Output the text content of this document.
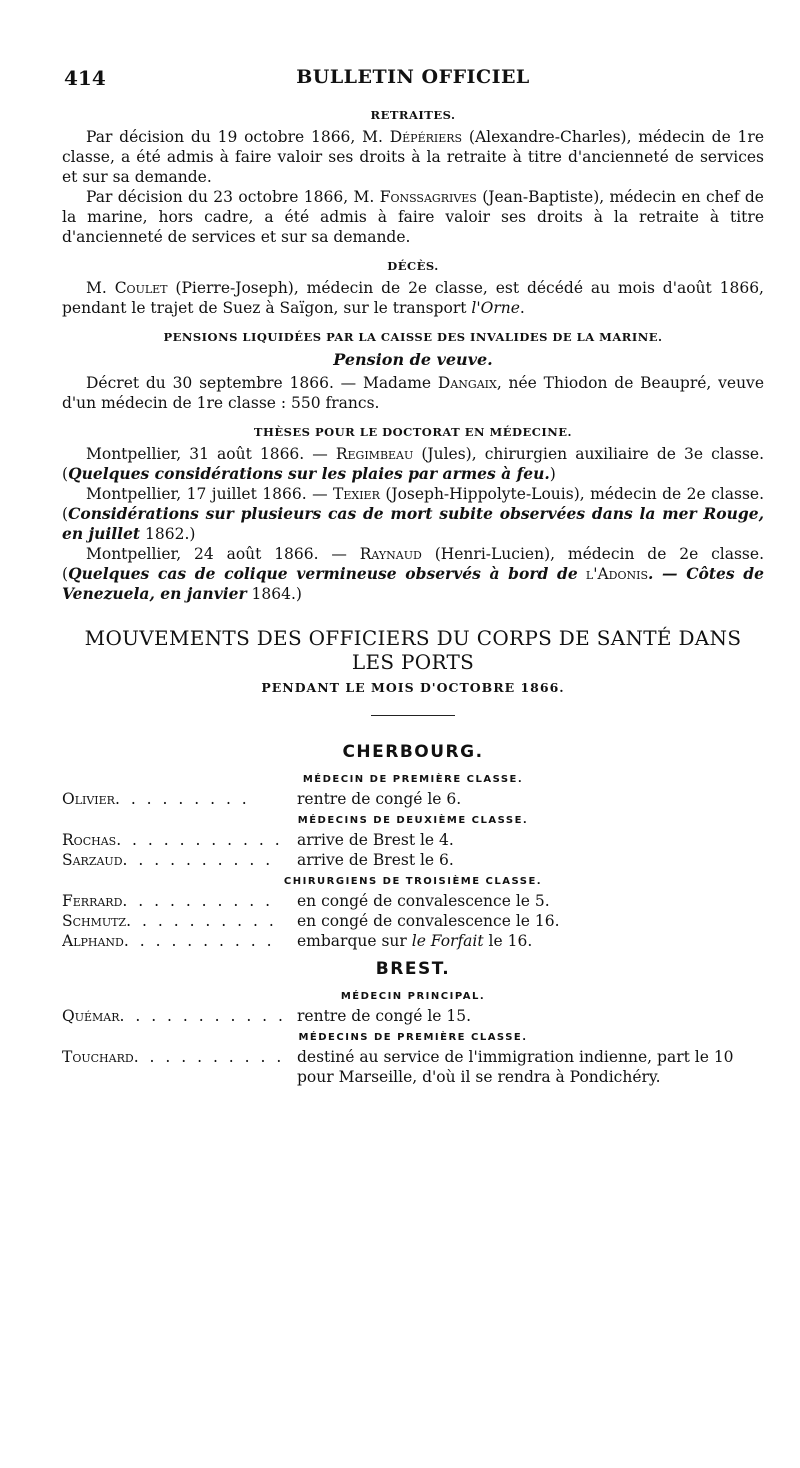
414	BULLETIN OFFICIEL
RETRAITES.

Par décision du 19 octobre 1866, M. Dépériers (Alexandre-Charles), médecin de 1re classe, a été admis à faire valoir ses droits à la retraite à titre d'ancienneté de services et sur sa demande.

Par décision du 23 octobre 1866, M. Fonssagrives (Jean-Baptiste), médecin en chef de la marine, hors cadre, a été admis à faire valoir ses droits à la retraite à titre d'ancienneté de services et sur sa demande.

DÉCÈS.

M. Coulet (Pierre-Joseph), médecin de 2e classe, est décédé au mois d'août 1866, pendant le trajet de Suez à Saïgon, sur le transport l'Orne.

PENSIONS LIQUIDÉES PAR LA CAISSE DES INVALIDES DE LA MARINE.
Pension de veuve.

Décret du 30 septembre 1866. — Madame Dangaix, née Thiodon de Beaupré, veuve d'un médecin de 1re classe : 550 francs.

THÈSES POUR LE DOCTORAT EN MÉDECINE.

Montpellier, 31 août 1866. — Regimbeau (Jules), chirurgien auxiliaire de 3e classe. (Quelques considérations sur les plaies par armes à feu.)

Montpellier, 17 juillet 1866. — Texier (Joseph-Hippolyte-Louis), médecin de 2e classe. (Considérations sur plusieurs cas de mort subite observées dans la mer Rouge, en juillet 1862.)

Montpellier, 24 août 1866. — Raynaud (Henri-Lucien), médecin de 2e classe. (Quelques cas de colique vermineuse observés à bord de l'Adonis. — Côtes de Venezuela, en janvier 1864.)

MOUVEMENTS DES OFFICIERS DU CORPS DE SANTÉ DANS LES PORTS
PENDANT LE MOIS D'OCTOBRE 1866.
CHERBOURG.
MÉDECIN DE PREMIÈRE CLASSE.
Olivier. . . . . . . . .	rentre de congé le 6.
MÉDECINS DE DEUXIÈME CLASSE.
Rochas. . . . . . . . . . . arrive de Brest le 4.
Sarzaud. . . . . . . . . .	arrive de Brest le 6.
CHIRURGIENS DE TROISIÈME CLASSE.
Ferrard. . . . . . . . . .	en congé de convalescence le 5.
Schmutz. . . . . . . . . .	en congé de convalescence le 16.
Alphand. . . . . . . . . .	embarque sur le Forfait le 16.
BREST.
MÉDECIN PRINCIPAL.
Quémar. . . . . . . . . . . rentre de congé le 15.
MÉDECINS DE PREMIÈRE CLASSE.
Touchard. . . . . . . . . . destiné au service de l'immigration indienne, part le 10 pour Marseille, d'où il se rendra à Pondichéry.
